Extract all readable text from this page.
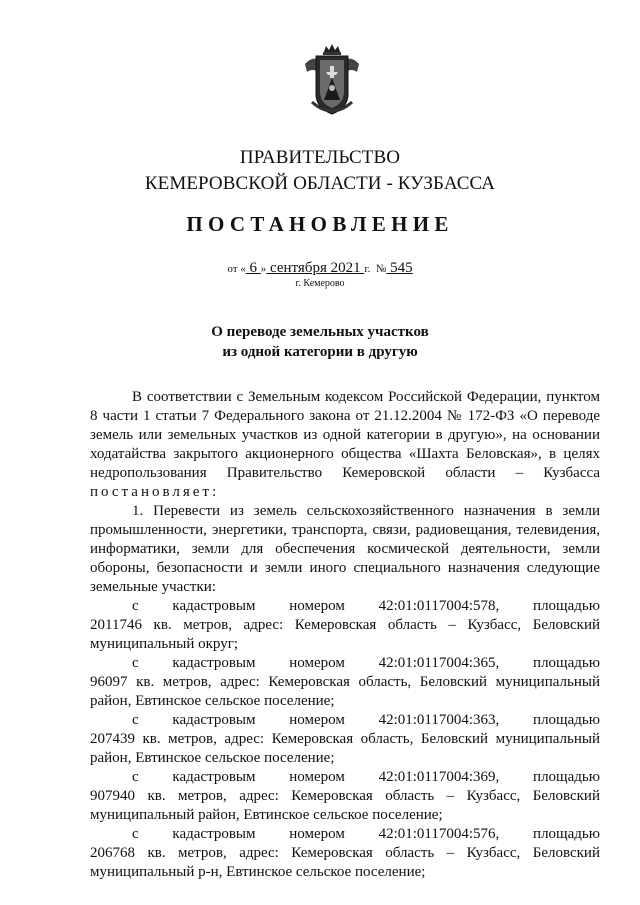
ПРАВИТЕЛЬСТВО
КЕМЕРОВСКОЙ ОБЛАСТИ - КУЗБАССА
ПОСТАНОВЛЕНИЕ
от « 6 » сентября 2021 г. № 545
г. Кемерово
О переводе земельных участков
из одной категории в другую

В соответствии с Земельным кодексом Российской Федерации, пунктом 8 части 1 статьи 7 Федерального закона от 21.12.2004 № 172-ФЗ «О переводе земель или земельных участков из одной категории в другую», на основании ходатайства закрытого акционерного общества «Шахта Беловская», в целях недропользования Правительство Кемеровской области – Кузбасса постановляет:

1. Перевести из земель сельскохозяйственного назначения в земли промышленности, энергетики, транспорта, связи, радиовещания, телевидения, информатики, земли для обеспечения космической деятельности, земли обороны, безопасности и земли иного специального назначения следующие земельные участки:

с кадастровым номером 42:01:0117004:578, площадью

2011746 кв. метров, адрес: Кемеровская область – Кузбасс, Беловский муниципальный округ;

с кадастровым номером 42:01:0117004:365, площадью

96097 кв. метров, адрес: Кемеровская область, Беловский муниципальный район, Евтинское сельское поселение;

с кадастровым номером 42:01:0117004:363, площадью

207439 кв. метров, адрес: Кемеровская область, Беловский муниципальный район, Евтинское сельское поселение;

с кадастровым номером 42:01:0117004:369, площадью

907940 кв. метров, адрес: Кемеровская область – Кузбасс, Беловский муниципальный район, Евтинское сельское поселение;

с кадастровым номером 42:01:0117004:576, площадью

206768 кв. метров, адрес: Кемеровская область – Кузбасс, Беловский муниципальный р-н, Евтинское сельское поселение;
